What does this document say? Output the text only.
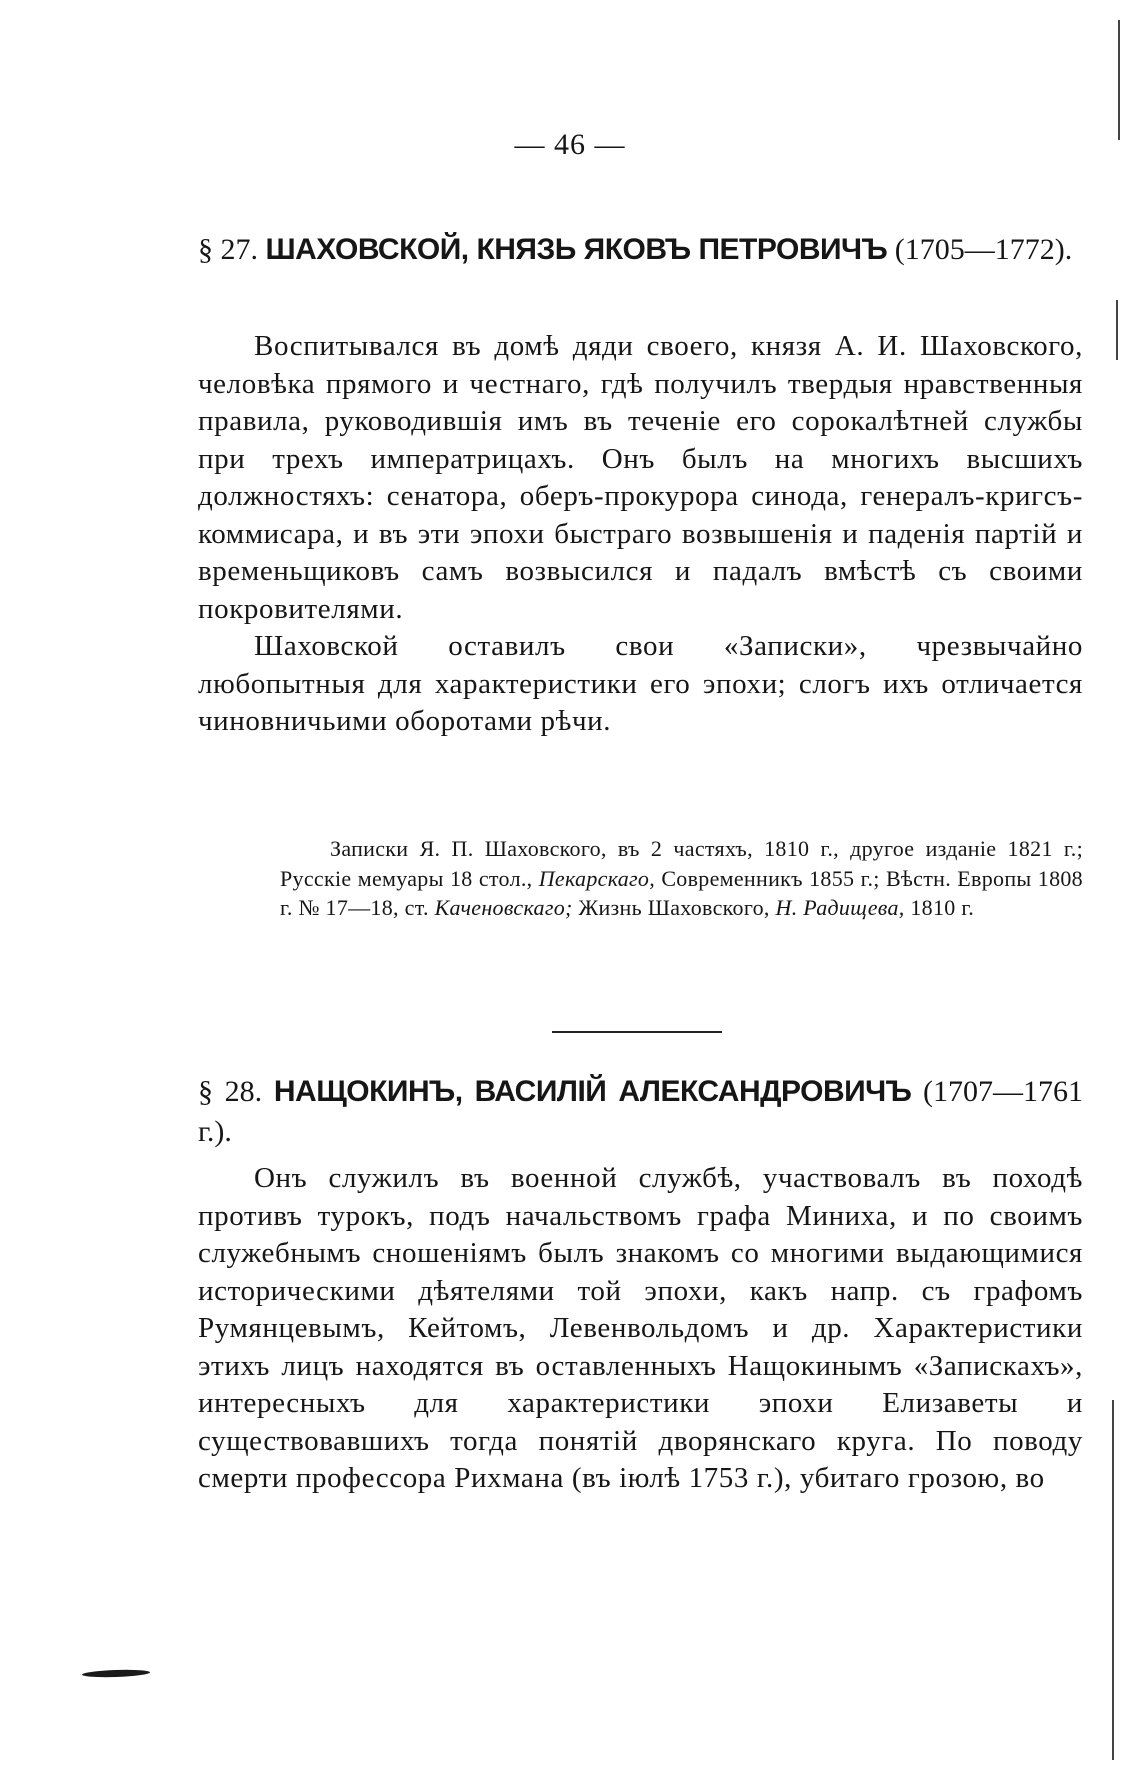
— 46 —
§ 27. ШАХОВСКОЙ, КНЯЗЬ ЯКОВЪ ПЕТРОВИЧЪ (1705—1772).

Воспитывался въ домѣ дяди своего, князя А. И. Шаховского, человѣка прямого и честнаго, гдѣ получилъ твердыя нравственныя правила, руководившія имъ въ теченіе его сорокалѣтней службы при трехъ императрицахъ. Онъ былъ на многихъ высшихъ должностяхъ: сенатора, оберъ-прокурора синода, генералъ-кригсъ-коммисара, и въ эти эпохи быстраго возвышенія и паденія партій и временьщиковъ самъ возвысился и падалъ вмѣстѣ съ своими покровителями.

Шаховской оставилъ свои «Записки», чрезвычайно любопытныя для характеристики его эпохи; слогъ ихъ отличается чиновничьими оборотами рѣчи.

Записки Я. П. Шаховского, въ 2 частяхъ, 1810 г., другое изданіе 1821 г.; Русскіе мемуары 18 стол., Пекарскаго, Современникъ 1855 г.; Вѣстн. Европы 1808 г. № 17—18, ст. Каченовскаго; Жизнь Шаховского, Н. Радищева, 1810 г.

§ 28. НАЩОКИНЪ, ВАСИЛІЙ АЛЕКСАНДРОВИЧЪ (1707—1761 г.).

Онъ служилъ въ военной службѣ, участвовалъ въ походѣ противъ турокъ, подъ начальствомъ графа Миниха, и по своимъ служебнымъ сношеніямъ былъ знакомъ со многими выдающимися историческими дѣятелями той эпохи, какъ напр. съ графомъ Румянцевымъ, Кейтомъ, Левенвольдомъ и др. Характеристики этихъ лицъ находятся въ оставленныхъ Нащокинымъ «Запискахъ», интересныхъ для характеристики эпохи Елизаветы и существовавшихъ тогда понятій дворянскаго круга. По поводу смерти профессора Рихмана (въ іюлѣ 1753 г.), убитаго грозою, во
